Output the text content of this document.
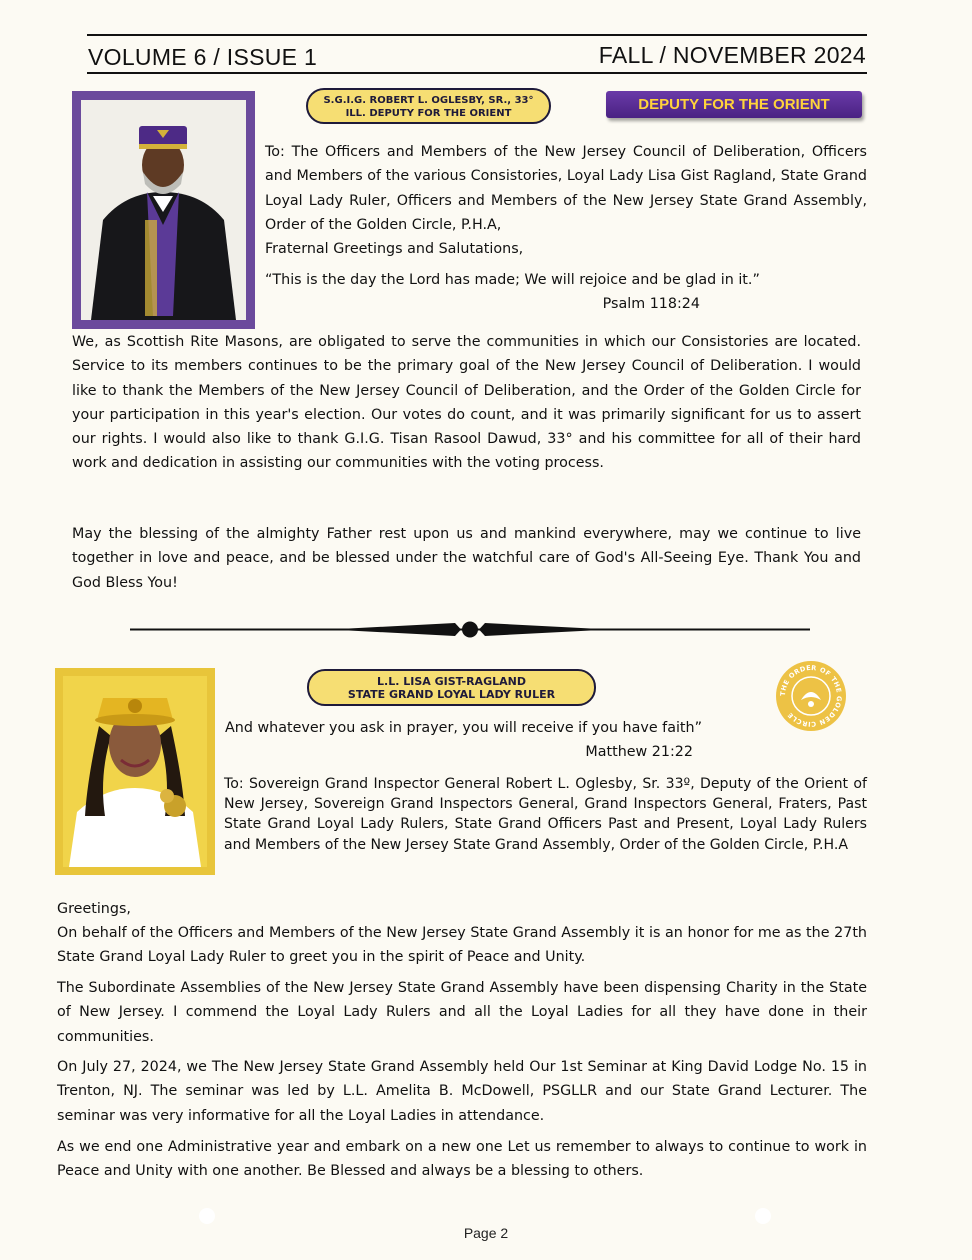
VOLUME 6 / ISSUE 1	FALL / NOVEMBER 2024
S.G.I.G. ROBERT L. OGLESBY, SR., 33°
ILL. DEPUTY FOR THE ORIENT
DEPUTY FOR THE ORIENT
To: The Officers and Members of the New Jersey Council of Deliberation, Officers and Members of the various Consistories, Loyal Lady Lisa Gist Ragland, State Grand Loyal Lady Ruler, Officers and Members of the New Jersey State Grand Assembly, Order of the Golden Circle, P.H.A,
Fraternal Greetings and Salutations,
“This is the day the Lord has made; We will rejoice and be glad in it.”
Psalm 118:24
We, as Scottish Rite Masons, are obligated to serve the communities in which our Consistories are located. Service to its members continues to be the primary goal of the New Jersey Council of Deliberation. I would like to thank the Members of the New Jersey Council of Deliberation, and the Order of the Golden Circle for your participation in this year's election. Our votes do count, and it was primarily significant for us to assert our rights. I would also like to thank G.I.G. Tisan Rasool Dawud, 33° and his committee for all of their hard work and dedication in assisting our communities with the voting process.
May the blessing of the almighty Father rest upon us and mankind everywhere, may we continue to live together in love and peace, and be blessed under the watchful care of God's All-Seeing Eye. Thank You and God Bless You!
L.L. LISA GIST-RAGLAND
STATE GRAND LOYAL LADY RULER	THE ORDER OF THE GOLDEN CIRCLE
And whatever you ask in prayer, you will receive if you have faith”
Matthew 21:22
To: Sovereign Grand Inspector General Robert L. Oglesby, Sr. 33º, Deputy of the Orient of New Jersey, Sovereign Grand Inspectors General, Grand Inspectors General, Fraters, Past State Grand Loyal Lady Rulers, State Grand Officers Past and Present, Loyal Lady Rulers and Members of the New Jersey State Grand Assembly, Order of the Golden Circle, P.H.A
Greetings,
On behalf of the Officers and Members of the New Jersey State Grand Assembly it is an honor for me as the 27th State Grand Loyal Lady Ruler to greet you in the spirit of Peace and Unity.
The Subordinate Assemblies of the New Jersey State Grand Assembly have been dispensing Charity in the State of New Jersey. I commend the Loyal Lady Rulers and all the Loyal Ladies for all they have done in their communities.
On July 27, 2024, we The New Jersey State Grand Assembly held Our 1st Seminar at King David Lodge No. 15 in Trenton, NJ. The seminar was led by L.L. Amelita B. McDowell, PSGLLR and our State Grand Lecturer. The seminar was very informative for all the Loyal Ladies in attendance.
As we end one Administrative year and embark on a new one Let us remember to always to continue to work in Peace and Unity with one another. Be Blessed and always be a blessing to others.
Page 2
